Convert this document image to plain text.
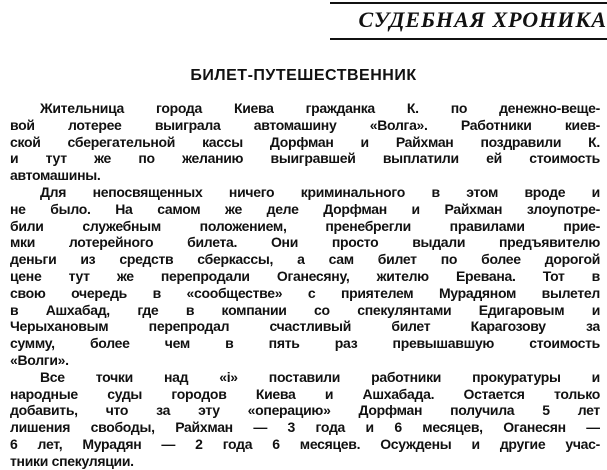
СУДЕБНАЯ ХРОНИКА
БИЛЕТ-ПУТЕШЕСТВЕННИК
Жительница города Киева гражданка К. по денежно-веще-
вой лотерее выиграла автомашину «Волга». Работники киев-
ской сберегательной кассы Дорфман и Райхман поздравили К.
и тут же по желанию выигравшей выплатили ей стоимость
автомашины.
Для непосвященных ничего криминального в этом вроде и
не было. На самом же деле Дорфман и Райхман злоупотре-
били служебным положением, пренебрегли правилами прие-
мки лотерейного билета. Они просто выдали предъявителю
деньги из средств сберкассы, а сам билет по более дорогой
цене тут же перепродали Оганесяну, жителю Еревана. Тот в
свою очередь в «сообществе» с приятелем Мурадяном вылетел
в Ашхабад, где в компании со спекулянтами Едигаровым и
Черыхановым перепродал счастливый билет Карагозову за
сумму, более чем в пять раз превышавшую стоимость
«Волги».
Все точки над «і» поставили работники прокуратуры и
народные суды городов Киева и Ашхабада. Остается только
добавить, что за эту «операцию» Дорфман получила 5 лет
лишения свободы, Райхман — 3 года и 6 месяцев, Оганесян —
6 лет, Мурадян — 2 года 6 месяцев. Осуждены и другие учас-
тники спекуляции.
